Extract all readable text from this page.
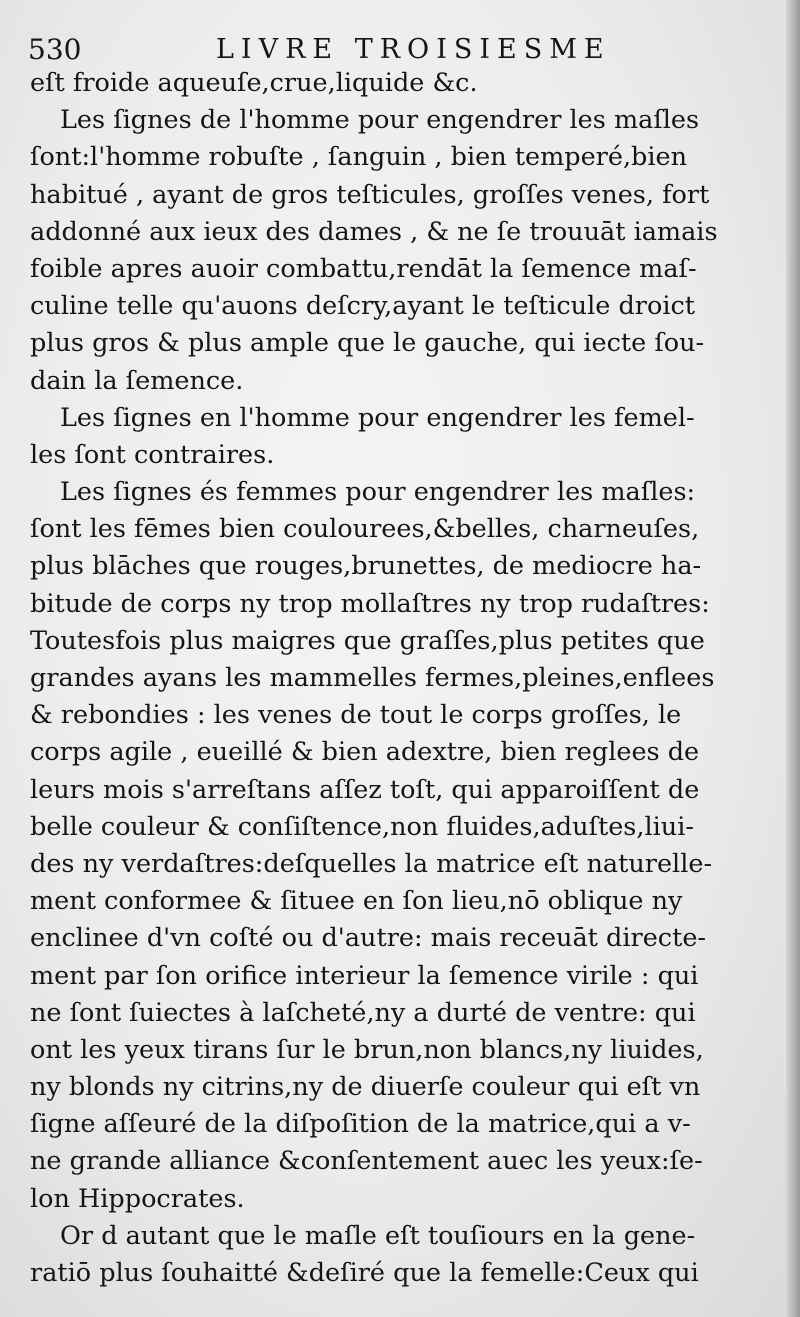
530	LIVRE TROISIESME
eſt froide aqueuſe,crue,liquide &c.
Les ſignes de l'homme pour engendrer les maſles
ſont:l'homme robuſte , ſanguin , bien temperé,bien
habitué , ayant de gros teſticules, groſſes venes, fort
addonné aux ieux des dames , & ne ſe trouuāt iamais
foible apres auoir combattu,rendāt la ſemence maſ-
culine telle qu'auons deſcry,ayant le teſticule droict
plus gros & plus ample que le gauche, qui iecte ſou-
dain la ſemence.
Les ſignes en l'homme pour engendrer les femel-
les ſont contraires.
Les ſignes és femmes pour engendrer les maſles:
ſont les fēmes bien coulourees,&belles, charneuſes,
plus blāches que rouges,brunettes, de mediocre ha-
bitude de corps ny trop mollaſtres ny trop rudaſtres:
Toutesfois plus maigres que graſſes,plus petites que
grandes ayans les mammelles fermes,pleines,enflees
& rebondies : les venes de tout le corps groſſes, le
corps agile , eueillé & bien adextre, bien reglees de
leurs mois s'arreſtans aſſez toſt, qui apparoiſſent de
belle couleur & conſiſtence,non fluides,aduſtes,liui-
des ny verdaſtres:deſquelles la matrice eſt naturelle-
ment conformee & ſituee en ſon lieu,nō oblique ny
enclinee d'vn coſté ou d'autre: mais receuāt directe-
ment par ſon orifice interieur la ſemence virile : qui
ne ſont ſuiectes à laſcheté,ny a durté de ventre: qui
ont les yeux tirans ſur le brun,non blancs,ny liuides,
ny blonds ny citrins,ny de diuerſe couleur qui eſt vn
ſigne aſſeuré de la diſpoſition de la matrice,qui a v-
ne grande alliance &conſentement auec les yeux:ſe-
lon Hippocrates.
Or d autant que le maſle eſt touſiours en la gene-
ratiō plus ſouhaitté &deſiré que la femelle:Ceux qui
